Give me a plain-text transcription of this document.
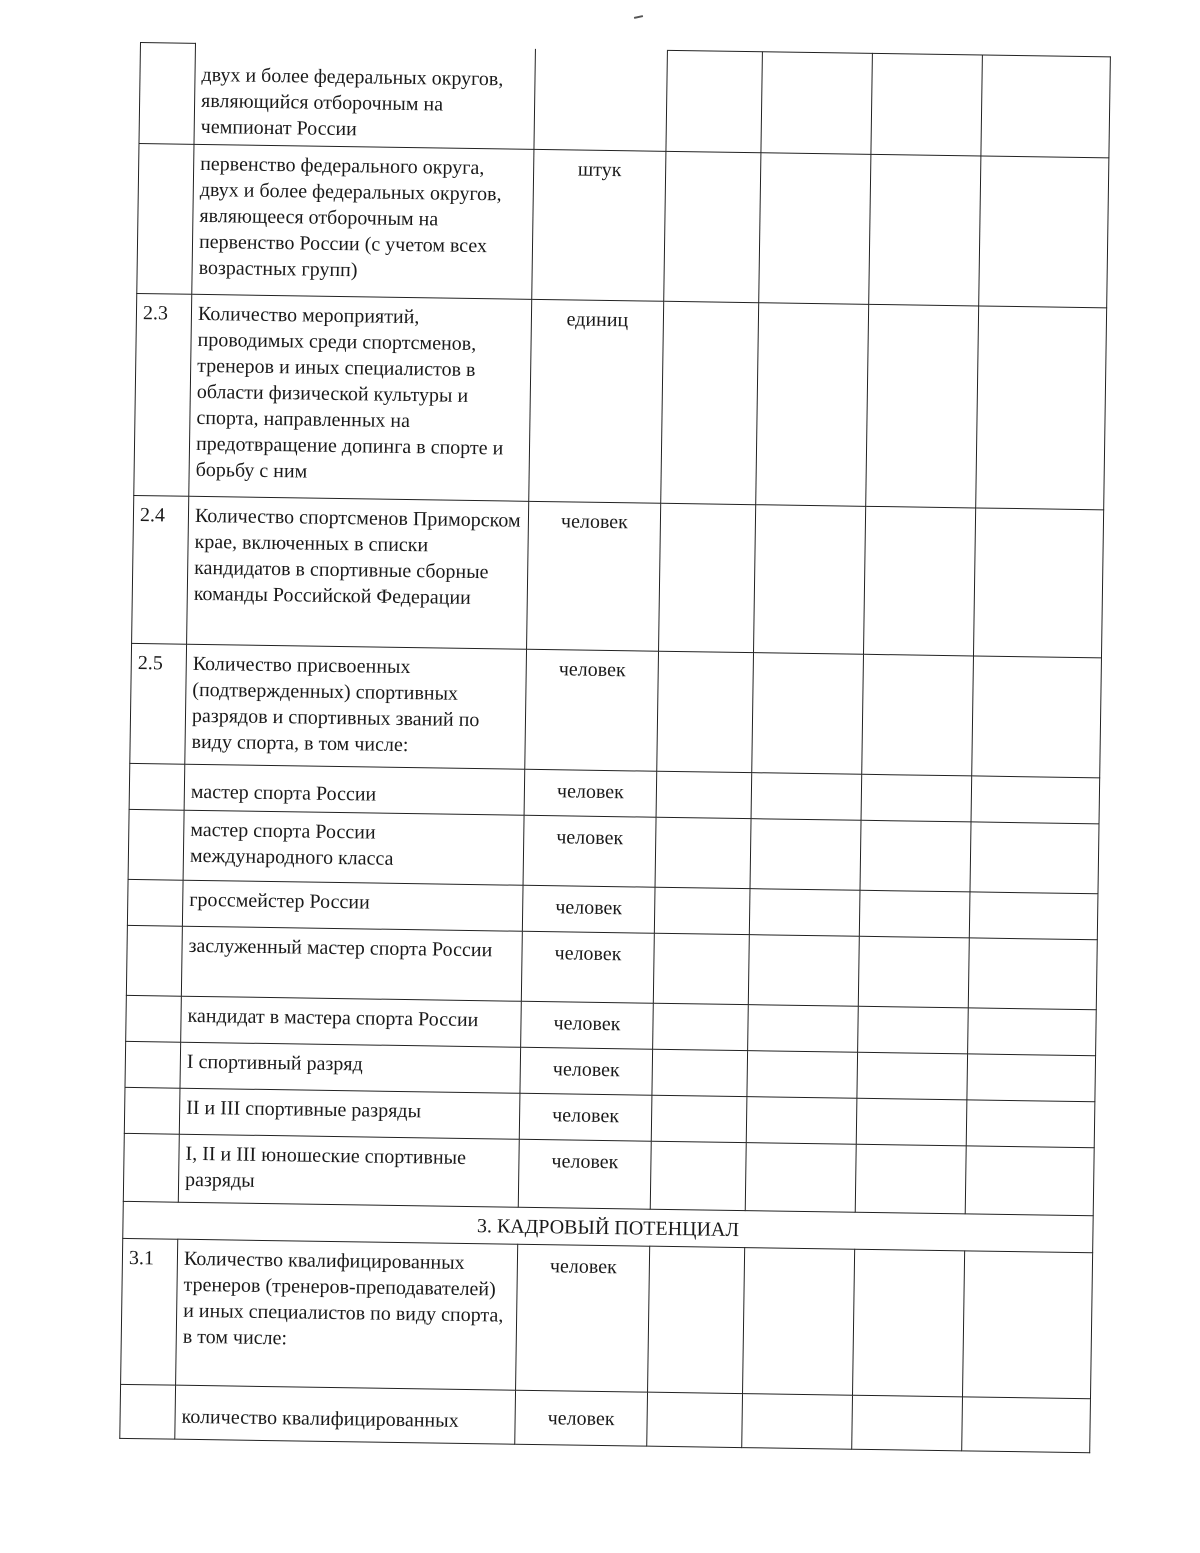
	двух и более федеральных округов, являющийся отборочным на чемпионат России					
	первенство федерального округа, двух и более федеральных округов, являющееся отборочным на первенство России (с учетом всех возрастных групп)	штук				
2.3	Количество мероприятий, проводимых среди спортсменов, тренеров и иных специалистов в области физической культуры и спорта, направленных на предотвращение допинга в спорте и борьбу с ним	единиц				
2.4	Количество спортсменов Приморском крае, включенных в списки кандидатов в спортивные сборные команды Российской Федерации	человек				
2.5	Количество присвоенных (подтвержденных) спортивных разрядов и спортивных званий по виду спорта, в том числе:	человек				
	мастер спорта России	человек				
	мастер спорта России международного класса	человек				
	гроссмейстер России	человек				
	заслуженный мастер спорта России	человек				
	кандидат в мастера спорта России	человек				
	I спортивный разряд	человек				
	II и III спортивные разряды	человек				
	I, II и III юношеские спортивные разряды	человек				
3. КАДРОВЫЙ ПОТЕНЦИАЛ						
3.1	Количество квалифицированных тренеров (тренеров-преподавателей) и иных специалистов по виду спорта, в том числе:	человек				
	количество квалифицированных	человек				
